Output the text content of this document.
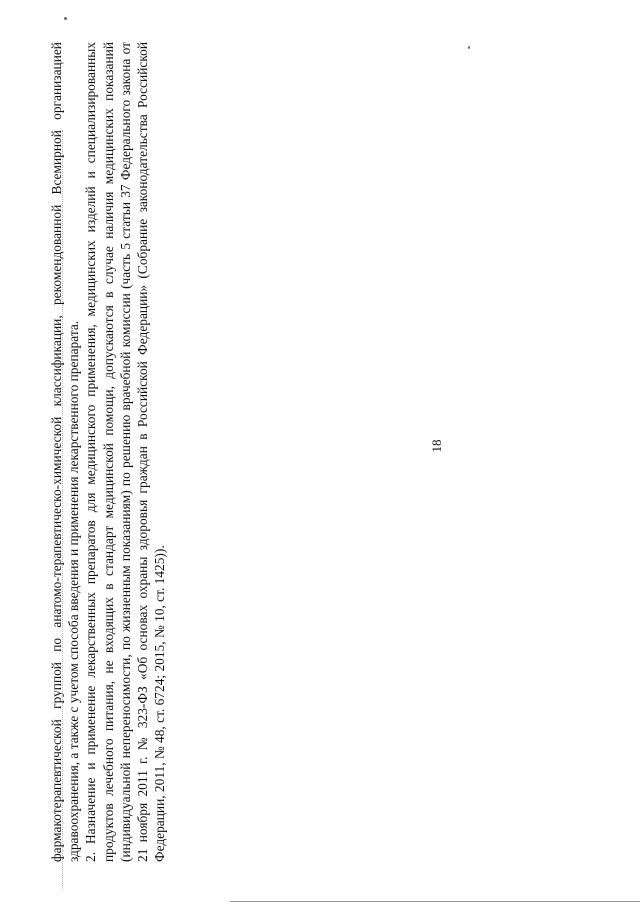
18

фармакотерапевтической группой по анатомо-терапевтическо-химической классификации, рекомендованной Всемирной организацией здравоохранения, а также с учетом способа введения и применения лекарственного препарата. 2. Назначение и применение лекарственных препаратов для медицинского применения, медицинских изделий и специализированных продуктов лечебного питания, не входящих в стандарт медицинской помощи, допускаются в случае наличия медицинских показаний (индивидуальной непереносимости, по жизненным показаниям) по решению врачебной комиссии (часть 5 статьи 37 Федерального закона от 21 ноября 2011 г. № 323-ФЗ «Об основах охраны здоровья граждан в Российской Федерации» (Собрание законодательства Российской Федерации, 2011, № 48, ст. 6724; 2015, № 10, ст. 1425)).
